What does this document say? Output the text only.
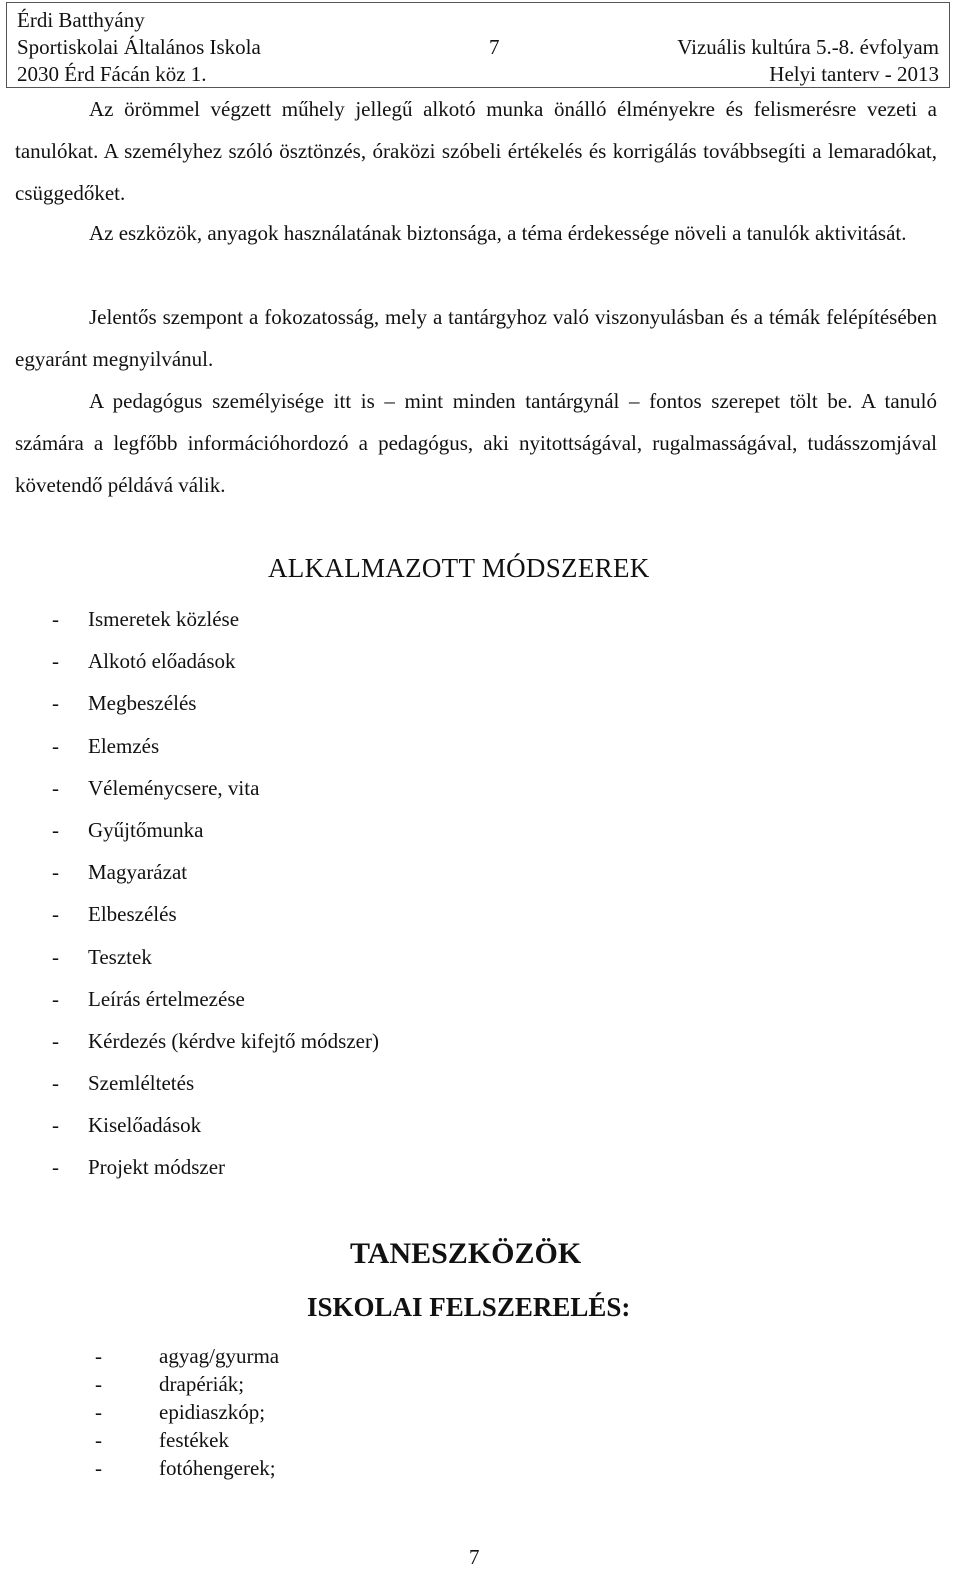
Érdi Batthyány
Sportiskolai Általános Iskola
2030 Érd Fácán köz 1.
7	Vizuális kultúra 5.-8. évfolyam
Helyi tanterv - 2013
Az örömmel végzett műhely jellegű alkotó munka önálló élményekre és felismerésre vezeti a tanulókat. A személyhez szóló ösztönzés, óraközi szóbeli értékelés és korrigálás továbbsegíti a lemaradókat, csüggedőket.
Az eszközök, anyagok használatának biztonsága, a téma érdekessége növeli a tanulók aktivitását.
Jelentős szempont a fokozatosság, mely a tantárgyhoz való viszonyulásban és a témák felépítésében egyaránt megnyilvánul.
A pedagógus személyisége itt is – mint minden tantárgynál – fontos szerepet tölt be. A tanuló számára a legfőbb információhordozó a pedagógus, aki nyitottságával, rugalmasságával, tudásszomjával követendő példává válik.
ALKALMAZOTT MÓDSZEREK
- Ismeretek közlése
- Alkotó előadások
- Megbeszélés
- Elemzés
- Véleménycsere, vita
- Gyűjtőmunka
- Magyarázat
- Elbeszélés
- Tesztek
- Leírás értelmezése
- Kérdezés (kérdve kifejtő módszer)
- Szemléltetés
- Kiselőadások
- Projekt módszer
TANESZKÖZÖK
ISKOLAI FELSZERELÉS:
-	agyag/gyurma
-	drapériák;
-	epidiaszkóp;
-	festékek
-	fotóhengerek;
7
